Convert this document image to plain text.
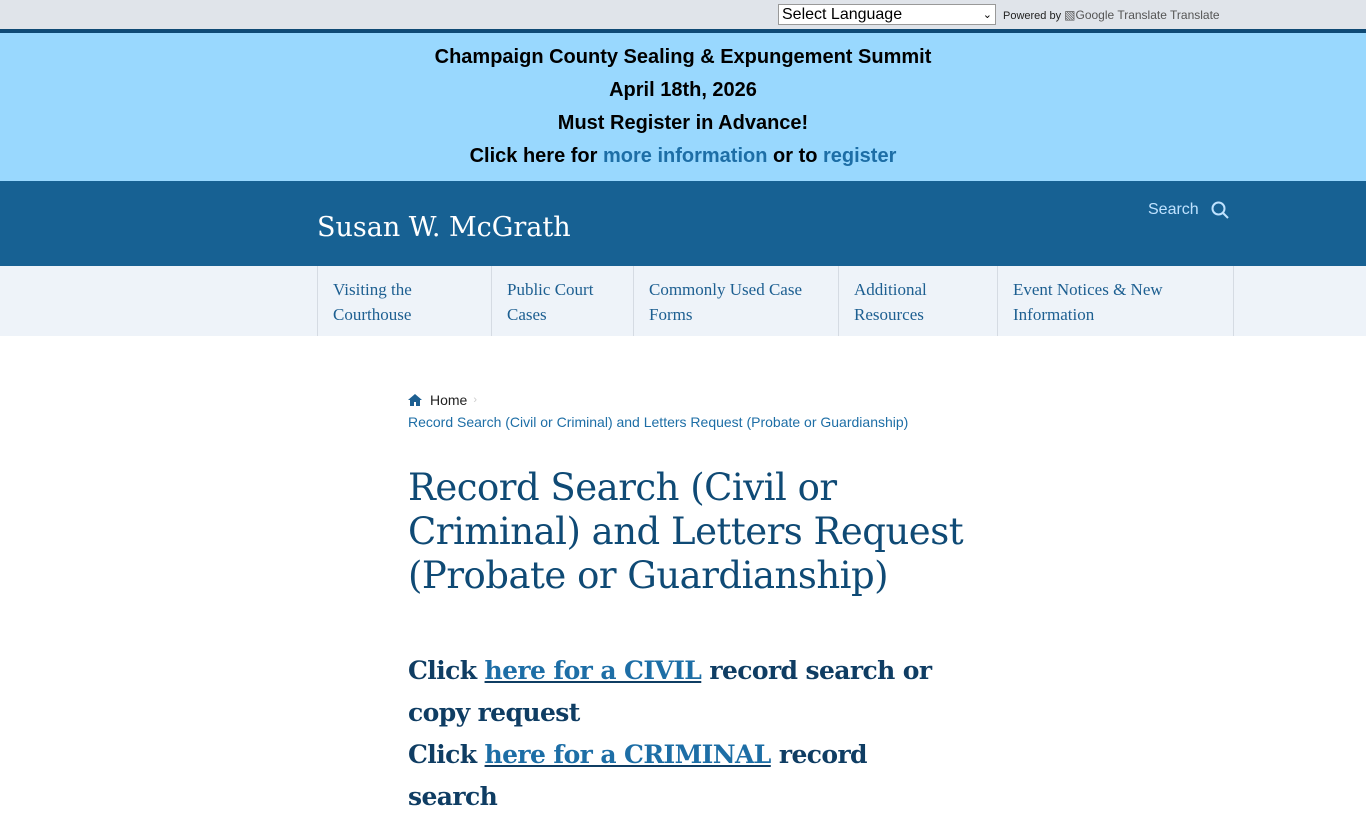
Select Language	⌄ Powered by ▧Google Translate Translate
Champaign County Sealing & Expungement Summit
April 18th, 2026
Must Register in Advance!
Click here for more information or to register
Susan W. McGrath
Search
Visiting the Courthouse
Public Court Cases
Commonly Used Case Forms
Additional Resources
Event Notices & New Information
Home ›
Record Search (Civil or Criminal) and Letters Request (Probate or Guardianship)
Record Search (Civil or Criminal) and Letters Request (Probate or Guardianship)
Click here for a CIVIL record search or copy request
Click here for a CRIMINAL record search
